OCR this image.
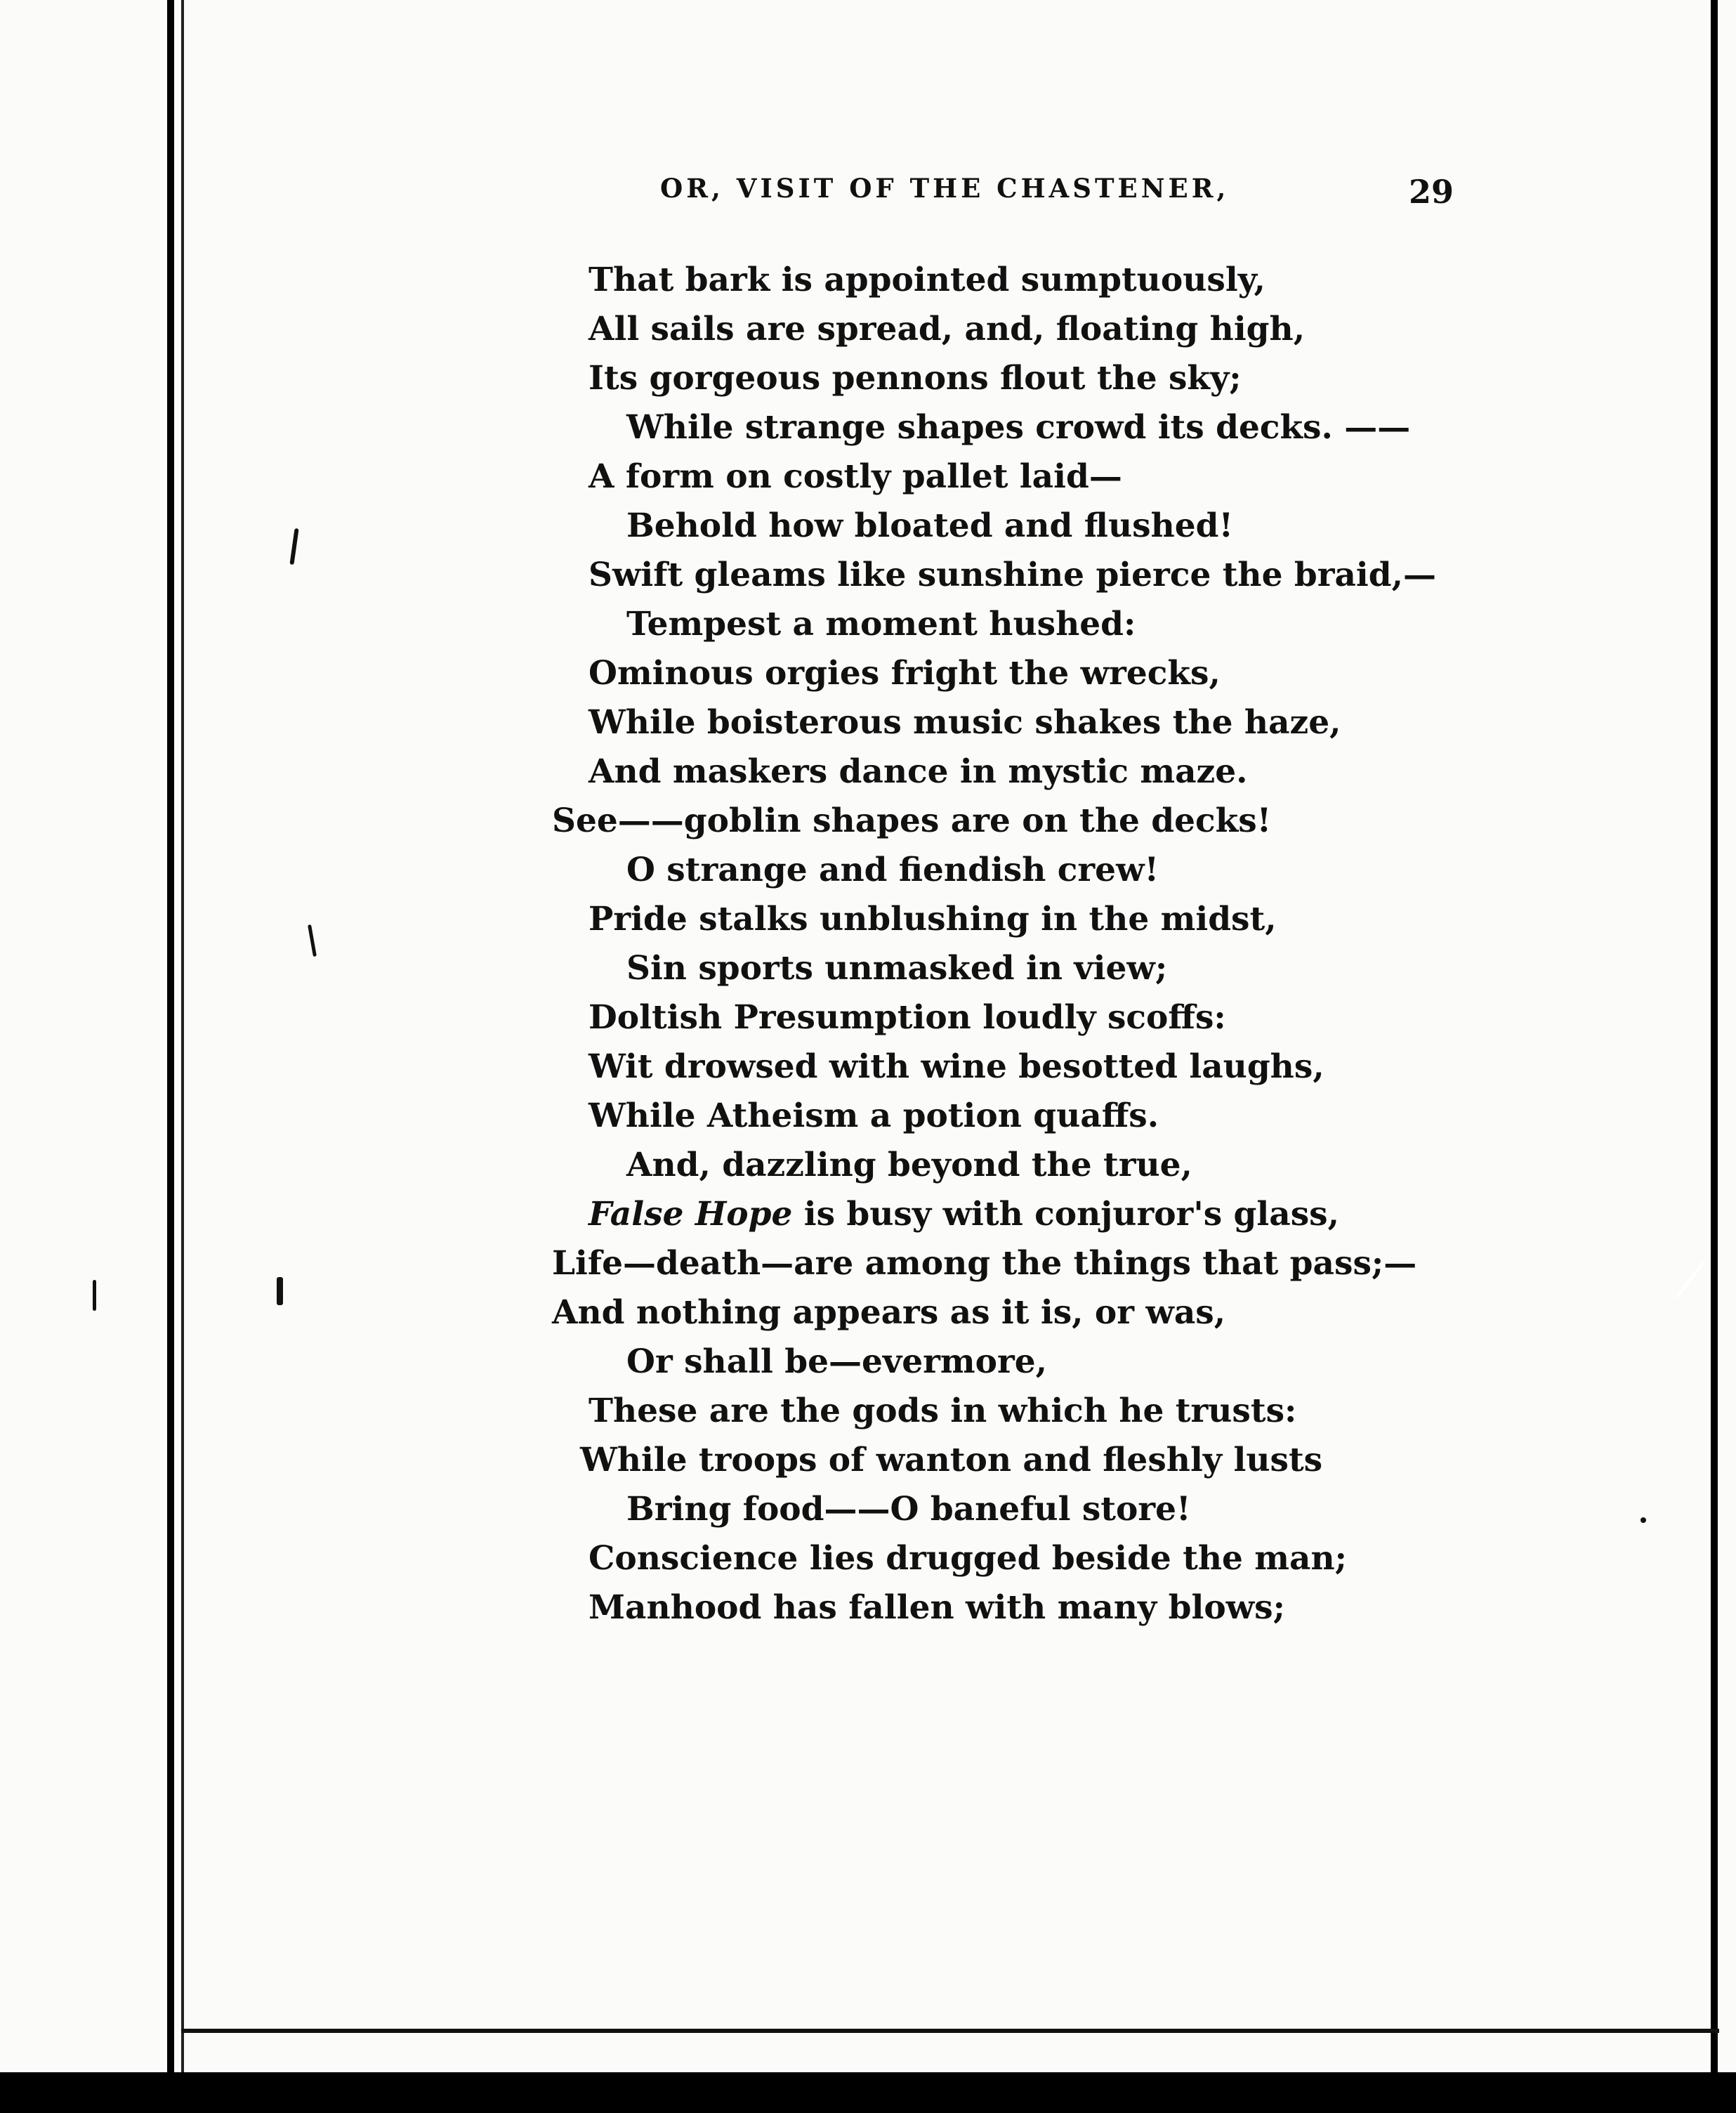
OR, VISIT OF THE CHASTENER,	29
That bark is appointed sumptuously,
All sails are spread, and, floating high,
Its gorgeous pennons flout the sky;
While strange shapes crowd its decks. ——
A form on costly pallet laid—
Behold how bloated and flushed!
Swift gleams like sunshine pierce the braid,—
Tempest a moment hushed:
Ominous orgies fright the wrecks,
While boisterous music shakes the haze,
And maskers dance in mystic maze.
See——goblin shapes are on the decks!
O strange and fiendish crew!
Pride stalks unblushing in the midst,
Sin sports unmasked in view;
Doltish Presumption loudly scoffs:
Wit drowsed with wine besotted laughs,
While Atheism a potion quaffs.
And, dazzling beyond the true,
False Hope is busy with conjuror's glass,
Life—death—are among the things that pass;—
And nothing appears as it is, or was,
Or shall be—evermore,
These are the gods in which he trusts:
While troops of wanton and fleshly lusts
Bring food——O baneful store!
Conscience lies drugged beside the man;
Manhood has fallen with many blows;
